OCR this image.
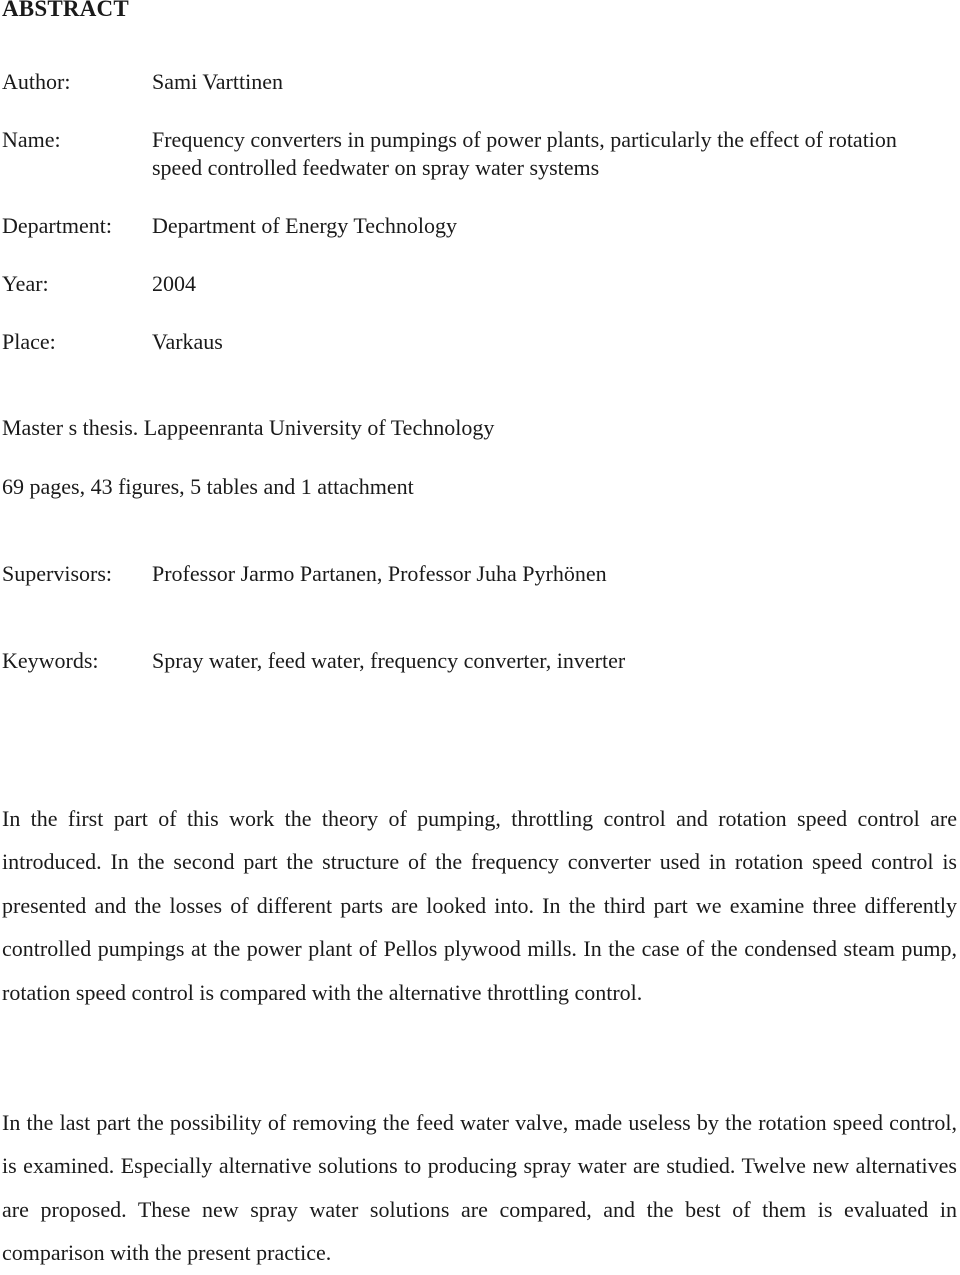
ABSTRACT
Author:	Sami Varttinen
Name:	Frequency converters in pumpings of power plants, particularly the effect of rotation speed controlled feedwater on spray water systems
Department: Department of Energy Technology
Year:	2004
Place:	Varkaus
Master s thesis. Lappeenranta University of Technology
69 pages, 43 figures, 5 tables and 1 attachment
Supervisors: Professor Jarmo Partanen, Professor Juha Pyrhönen
Keywords: Spray water, feed water, frequency converter, inverter

In the first part of this work the theory of pumping, throttling control and rotation speed control are introduced. In the second part the structure of the frequency converter used in rotation speed control is presented and the losses of different parts are looked into. In the third part we examine three differently controlled pumpings at the power plant of Pellos plywood mills. In the case of the condensed steam pump, rotation speed control is compared with the alternative throttling control.

In the last part the possibility of removing the feed water valve, made useless by the rotation speed control, is examined. Especially alternative solutions to producing spray water are studied. Twelve new alternatives are proposed. These new spray water solutions are compared, and the best of them is evaluated in comparison with the present practice.
